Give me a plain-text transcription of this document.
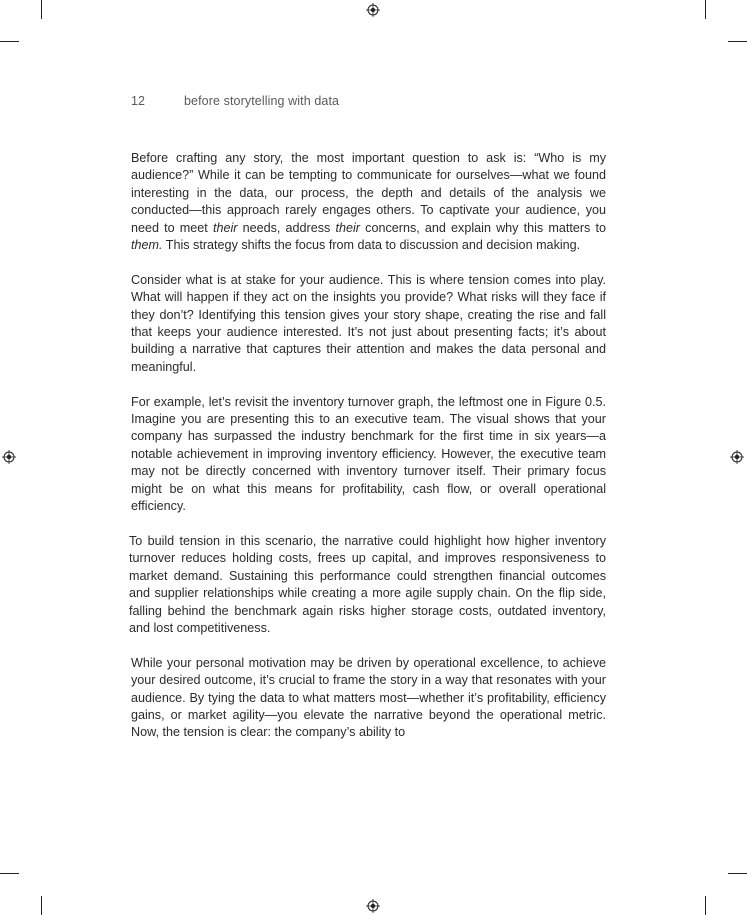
12	before storytelling with data

Before crafting any story, the most important question to ask is: “Who is my audience?” While it can be tempting to communicate for ourselves—what we found interesting in the data, our process, the depth and details of the analysis we conducted—this approach rarely engages others. To captivate your audience, you need to meet their needs, address their concerns, and explain why this matters to them. This strategy shifts the focus from data to discussion and decision making.

Consider what is at stake for your audience. This is where tension comes into play. What will happen if they act on the insights you provide? What risks will they face if they don’t? Identifying this tension gives your story shape, creating the rise and fall that keeps your audience interested. It’s not just about presenting facts; it’s about building a narrative that captures their attention and makes the data personal and meaningful.

For example, let’s revisit the inventory turnover graph, the leftmost one in Figure 0.5. Imagine you are presenting this to an executive team. The visual shows that your company has surpassed the industry benchmark for the first time in six years—a notable achievement in improving inventory efficiency. However, the executive team may not be directly concerned with inventory turnover itself. Their primary focus might be on what this means for profitability, cash flow, or overall operational efficiency.

To build tension in this scenario, the narrative could highlight how higher inventory turnover reduces holding costs, frees up capital, and improves responsiveness to market demand. Sustaining this performance could strengthen financial outcomes and supplier relationships while creating a more agile supply chain. On the flip side, falling behind the benchmark again risks higher storage costs, outdated inventory, and lost competitiveness.

While your personal motivation may be driven by operational excellence, to achieve your desired outcome, it’s crucial to frame the story in a way that resonates with your audience. By tying the data to what matters most—whether it’s profitability, efficiency gains, or market agility—you elevate the narrative beyond the operational metric. Now, the tension is clear: the company’s ability to
